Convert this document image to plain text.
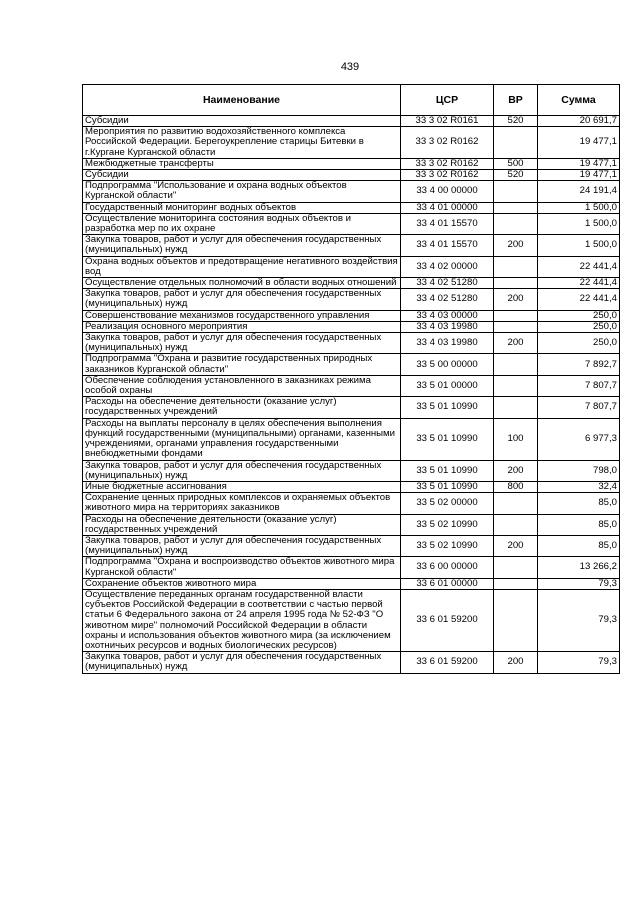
439
Наименование	ЦСР	ВР	Сумма
Субсидии	33 3 02 R0161	520	20 691,7
Мероприятия по развитию водохозяйственного комплекса Российской Федерации. Берегоукрепление старицы Битевки в г.Кургане Курганской области	33 3 02 R0162		19 477,1
Межбюджетные трансферты	33 3 02 R0162	500	19 477,1
Субсидии	33 3 02 R0162	520	19 477,1
Подпрограмма "Использование и охрана водных объектов Курганской области"	33 4 00 00000		24 191,4
Государственный мониторинг водных объектов	33 4 01 00000		1 500,0
Осуществление мониторинга состояния водных объектов и разработка мер по их охране	33 4 01 15570		1 500,0
Закупка товаров, работ и услуг для обеспечения государственных (муниципальных) нужд	33 4 01 15570	200	1 500,0
Охрана водных объектов и предотвращение негативного воздействия вод	33 4 02 00000		22 441,4
Осуществление отдельных полномочий в области водных отношений	33 4 02 51280		22 441,4
Закупка товаров, работ и услуг для обеспечения государственных (муниципальных) нужд	33 4 02 51280	200	22 441,4
Совершенствование механизмов государственного управления	33 4 03 00000		250,0
Реализация основного мероприятия	33 4 03 19980		250,0
Закупка товаров, работ и услуг для обеспечения государственных (муниципальных) нужд	33 4 03 19980	200	250,0
Подпрограмма "Охрана и развитие государственных природных заказников Курганской области"	33 5 00 00000		7 892,7
Обеспечение соблюдения установленного в заказниках режима особой охраны	33 5 01 00000		7 807,7
Расходы на обеспечение деятельности (оказание услуг) государственных учреждений	33 5 01 10990		7 807,7
Расходы на выплаты персоналу в целях обеспечения выполнения функций государственными (муниципальными) органами, казенными учреждениями, органами управления государственными внебюджетными фондами	33 5 01 10990	100	6 977,3
Закупка товаров, работ и услуг для обеспечения государственных (муниципальных) нужд	33 5 01 10990	200	798,0
Иные бюджетные ассигнования	33 5 01 10990	800	32,4
Сохранение ценных природных комплексов и охраняемых объектов животного мира на территориях заказников	33 5 02 00000		85,0
Расходы на обеспечение деятельности (оказание услуг) государственных учреждений	33 5 02 10990		85,0
Закупка товаров, работ и услуг для обеспечения государственных (муниципальных) нужд	33 5 02 10990	200	85,0
Подпрограмма "Охрана и воспроизводство объектов животного мира Курганской области"	33 6 00 00000		13 266,2
Сохранение объектов животного мира	33 6 01 00000		79,3
Осуществление переданных органам государственной власти субъектов Российской Федерации в соответствии с частью первой статьи 6 Федерального закона от 24 апреля 1995 года № 52-ФЗ "О животном мире" полномочий Российской Федерации в области охраны и использования объектов животного мира (за исключением охотничьих ресурсов и водных биологических ресурсов)	33 6 01 59200		79,3
Закупка товаров, работ и услуг для обеспечения государственных (муниципальных) нужд	33 6 01 59200	200	79,3
